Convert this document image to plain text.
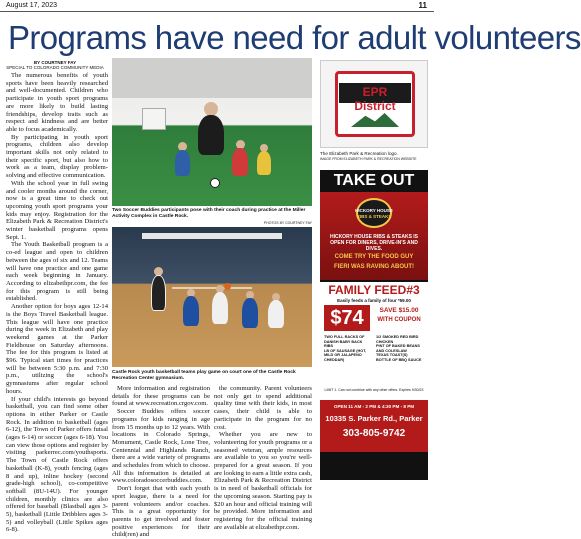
August 17, 2023	11
Programs have need for adult volunteers
BY COURTNEY FAY
SPECIAL TO COLORADO COMMUNITY MEDIA

The numerous benefits of youth sports have been heavily researched and well-documented. Children who participate in youth sport programs are more likely to build lasting friendships, develop traits such as respect and kindness and are better able to focus academically.

By participating in youth sport programs, children also develop important skills not only related to their specific sport, but also how to work as a team, display problem-solving and effective communication.

With the school year in full swing and cooler months around the corner, now is a great time to check out upcoming youth sport programs your kids may enjoy. Registration for the Elizabeth Park & Recreation District's winter basketball programs opens Sept. 1.

The Youth Basketball program is a co-ed league and open to children between the ages of six and 12. Teams will have one practice and one game each week beginning in January. According to elizabethpr.com, the fee for this program is still being established.

Another option for boys ages 12-14 is the Boys Travel Basketball league. This league will have one practice during the week in Elizabeth and play weekend games at the Parker Fieldhouse on Saturday afternoons. The fee for this program is listed at $96. Typical start times for practices will be between 5:30 p.m. and 7:30 p.m., utilizing the school's gymnasiums after regular school hours.

If your child's interests go beyond basketball, you can find some other options in either Parker or Castle Rock. In addition to basketball (ages 6-12), the Town of Parker offers futsal (ages 6-14) or soccer (ages 6-18). You can view those options and register by visiting parkerrec.com/youthsports. The Town of Castle Rock offers basketball (K-8), youth fencing (ages 8 and up), inline hockey (second grade-high school), co-competitive softball (8U-14U). For younger children, monthly clinics are also offered for baseball (Blastball ages 3-5), basketball (Little Dribblers ages 3-5) and volleyball (Little Spikes ages 6-8).

Two Soccer Buddies participants pose with their coach during practice at the Miller Activity Complex in Castle Rock.
PHOTOS BY COURTNEY FAY
Castle Rock youth basketball teams play game on court one of the Castle Rock Recreation Center gymnasium.

More information and registration details for these programs can be found at www.recreation.crgov.com.

Soccer Buddies offers soccer programs for kids ranging in age from 15 months up to 12 years. With locations in Colorado Springs, Monument, Castle Rock, Lone Tree, Centennial and Highlands Ranch, there are a wide variety of programs and schedules from which to choose. All this information is detailed at www.coloradosoccerbuddies.com.

Don't forget that with each youth sport league, there is a need for parent volunteers and/or coaches. This is a great opportunity for parents to get involved and foster positive experiences for their child(ren) and

the community. Parent volunteers not only get to spend additional quality time with their kids, in most cases, their child is able to participate in the program for no cost.

Whether you are new to volunteering for youth programs or a seasoned veteran, ample resources are available to you so you're well-prepared for a great season. If you are looking to earn a little extra cash, Elizabeth Park & Recreation District is in need of basketball officials for the upcoming season. Starting pay is $20 an hour and official training will be provided. More information and registering for the official training are available at elizabethpr.com.

EPR District
The Elizabeth Park & Recreation logo.
IMAGE FROM ELIZABETH PARK & RECREATION WEBSITE
TAKE OUT
HICKORY HOUSE
RIBS & STEAKS
HICKORY HOUSE RIBS & STEAKS IS OPEN FOR DINERS, DRIVE-IN'S AND DIVES.
COME TRY THE FOOD GUY
FIERI WAS RAVING ABOUT!
FAMILY FEED#3
Easily feeds a family of four *59.00
$74	SAVE $15.00
WITH COUPON
TWO FULL RACKS OF DANISH BABY BACK RIBS
LB OF SAUSAGE (HOT, MILD OR JALAPENO CHEDDAR)
1/2 SMOKED RED BIRD CHICKEN
PINT OF BAKED BEANS AND COLESLAW
TEXAS TOAST(S)
BOTTLE OF BBQ SAUCE
LIMIT 1. Can not combine with any other offers. Expires 9/30/23
OPEN 11 AM - 2 PM & 4:30 PM - 8 PM
10335 S. Parker Rd., Parker
303-805-9742
